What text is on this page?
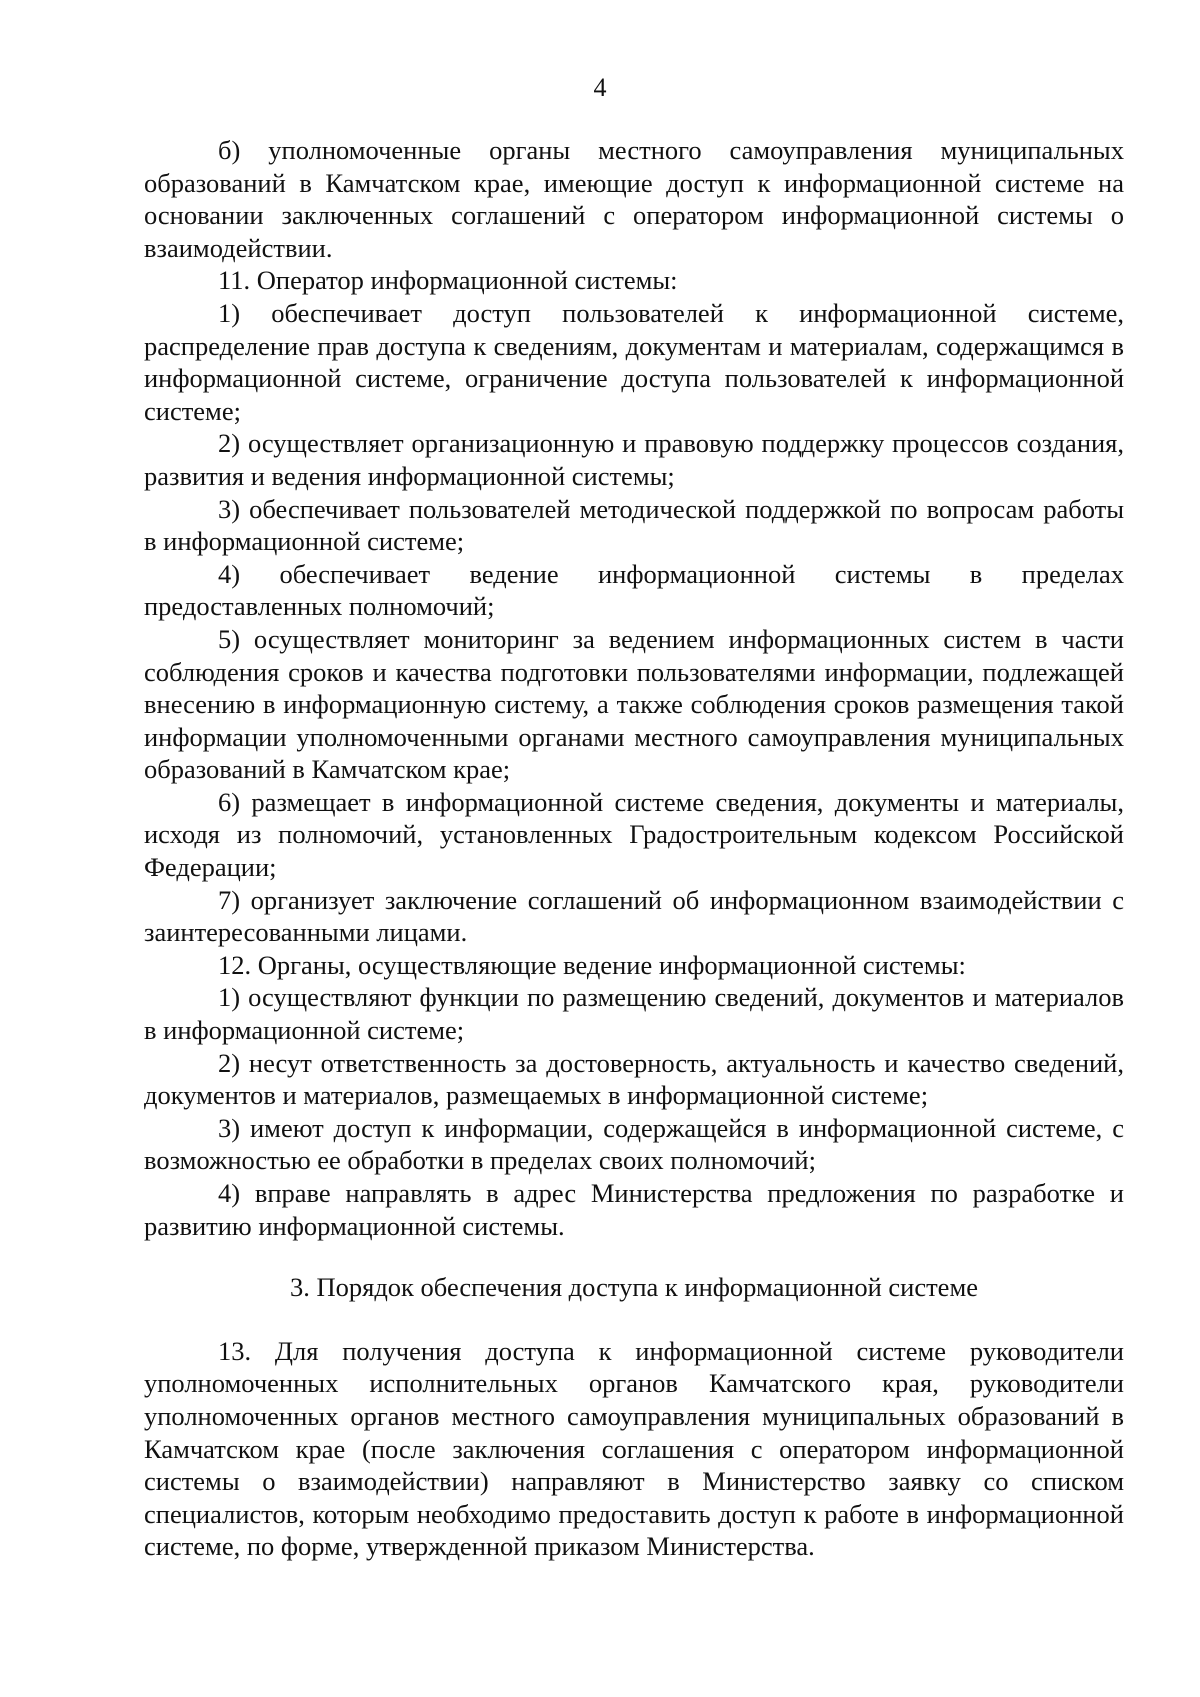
4

б) уполномоченные органы местного самоуправления муниципальных образований в Камчатском крае, имеющие доступ к информационной системе на основании заключенных соглашений с оператором информационной системы о взаимодействии.

11. Оператор информационной системы:

1) обеспечивает доступ пользователей к информационной системе, распределение прав доступа к сведениям, документам и материалам, содержащимся в информационной системе, ограничение доступа пользователей к информационной системе;

2) осуществляет организационную и правовую поддержку процессов создания, развития и ведения информационной системы;

3) обеспечивает пользователей методической поддержкой по вопросам работы в информационной системе;

4) обеспечивает ведение информационной системы в пределах предоставленных полномочий;

5) осуществляет мониторинг за ведением информационных систем в части соблюдения сроков и качества подготовки пользователями информации, подлежащей внесению в информационную систему, а также соблюдения сроков размещения такой информации уполномоченными органами местного самоуправления муниципальных образований в Камчатском крае;

6) размещает в информационной системе сведения, документы и материалы, исходя из полномочий, установленных Градостроительным кодексом Российской Федерации;

7) организует заключение соглашений об информационном взаимодействии с заинтересованными лицами.

12. Органы, осуществляющие ведение информационной системы:

1) осуществляют функции по размещению сведений, документов и материалов в информационной системе;

2) несут ответственность за достоверность, актуальность и качество сведений, документов и материалов, размещаемых в информационной системе;

3) имеют доступ к информации, содержащейся в информационной системе, с возможностью ее обработки в пределах своих полномочий;

4) вправе направлять в адрес Министерства предложения по разработке и развитию информационной системы.

3. Порядок обеспечения доступа к информационной системе

13. Для получения доступа к информационной системе руководители уполномоченных исполнительных органов Камчатского края, руководители уполномоченных органов местного самоуправления муниципальных образований в Камчатском крае (после заключения соглашения с оператором информационной системы о взаимодействии) направляют в Министерство заявку со списком специалистов, которым необходимо предоставить доступ к работе в информационной системе, по форме, утвержденной приказом Министерства.
